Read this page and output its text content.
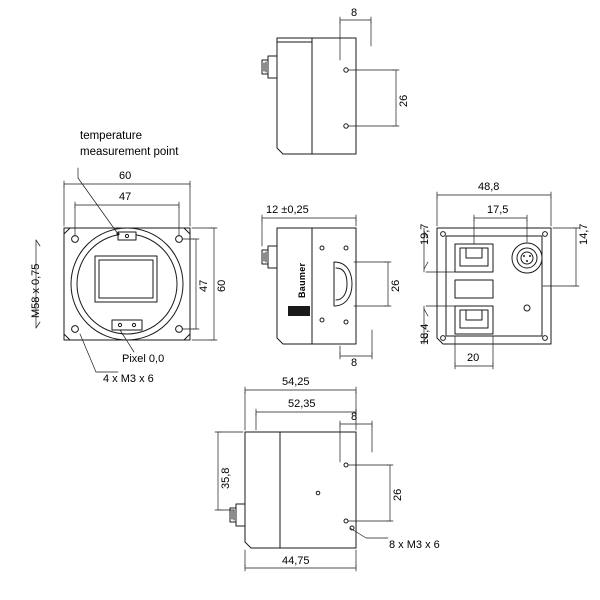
8
26
temperature
measurement point
60
47
47 60
M58 x 0,75
Pixel 0,0
4 x M3 x 6
12 ±0,25
26
8
Baumer
48,8
17,5
14,7
19,7
18,4
20
54,25
52,35
8
35,8
26
8 x M3 x 6
44,75
